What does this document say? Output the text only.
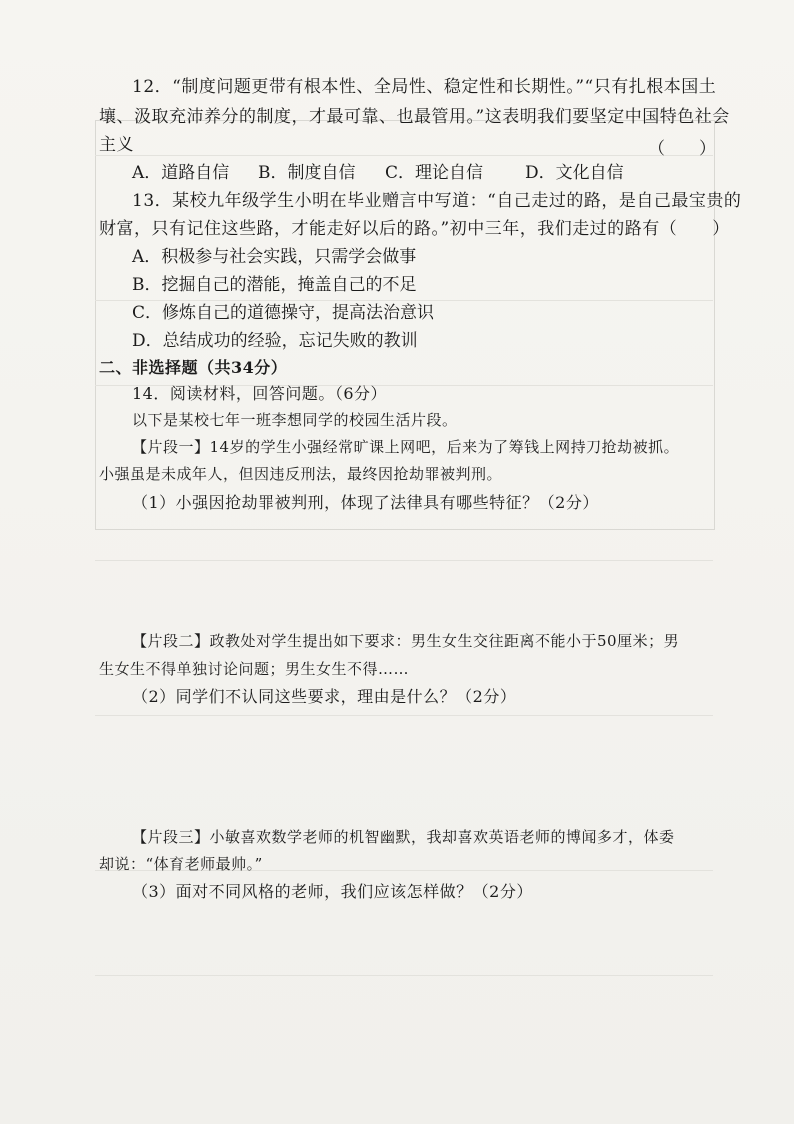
12．“制度问题更带有根本性、全局性、稳定性和长期性。”“只有扎根本国土
壤、汲取充沛养分的制度，才最可靠、也最管用。”这表明我们要坚定中国特色社会
主义	（　　）
A．道路自信 B．制度自信 C．理论自信 D．文化自信
13．某校九年级学生小明在毕业赠言中写道：“自己走过的路，是自己最宝贵的
财富，只有记住这些路，才能走好以后的路。”初中三年，我们走过的路有（　　）
A．积极参与社会实践，只需学会做事
B．挖掘自己的潜能，掩盖自己的不足
C．修炼自己的道德操守，提高法治意识
D．总结成功的经验，忘记失败的教训
二、非选择题（共34分）
14．阅读材料，回答问题。（6分）
以下是某校七年一班李想同学的校园生活片段。
【片段一】14岁的学生小强经常旷课上网吧，后来为了筹钱上网持刀抢劫被抓。
小强虽是未成年人，但因违反刑法，最终因抢劫罪被判刑。
（1）小强因抢劫罪被判刑，体现了法律具有哪些特征？（2分）
【片段二】政教处对学生提出如下要求：男生女生交往距离不能小于50厘米；男
生女生不得单独讨论问题；男生女生不得……
（2）同学们不认同这些要求，理由是什么？（2分）
【片段三】小敏喜欢数学老师的机智幽默，我却喜欢英语老师的博闻多才，体委
却说：“体育老师最帅。”
（3）面对不同风格的老师，我们应该怎样做？（2分）
